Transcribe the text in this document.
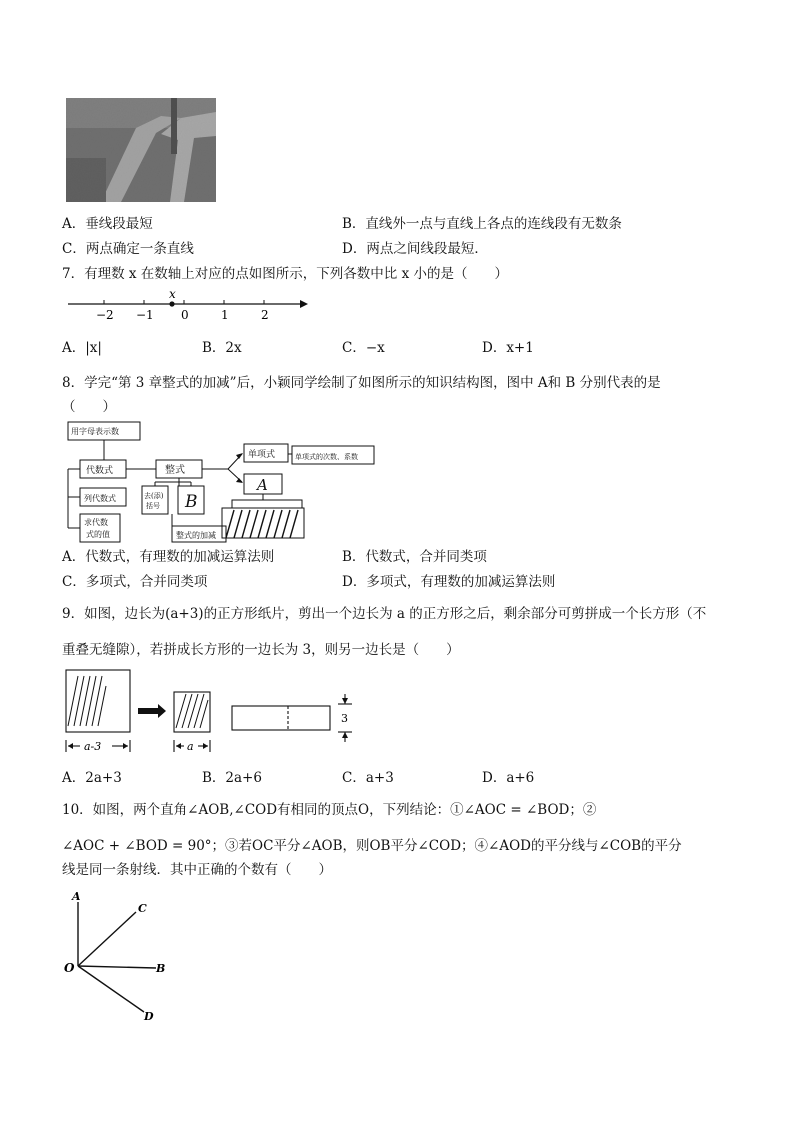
A．垂线段最短	B．直线外一点与直线上各点的连线段有无数条
C．两点确定一条直线	D．两点之间线段最短．
7．有理数 x 在数轴上对应的点如图所示，下列各数中比 x 小的是（　　）
−2 −1 0	1	2
x
A．|x|	B．2x	C．−x	D．x+1
8．学完“第 3 章整式的加减”后，小颖同学绘制了如图所示的知识结构图，图中 A和 B 分别代表的是
（　　）
用字母表示数
代数式	整式
列代数式
求代数
式的值
去(添)
括号 B
整式的加减
单项式	单项式的次数、系数
A
A．代数式，有理数的加减运算法则	B．代数式，合并同类项
C．多项式，合并同类项	D．多项式，有理数的加减运算法则
9．如图，边长为(a+3)的正方形纸片，剪出一个边长为 a 的正方形之后，剩余部分可剪拼成一个长方形（不
重叠无缝隙），若拼成长方形的一边长为 3，则另一边长是（　　）
a-3	a
3
A．2a+3	B．2a+6	C．a+3	D．a+6
10．如图，两个直角∠AOB,∠COD有相同的顶点O，下列结论：①∠AOC = ∠BOD；②
∠AOC + ∠BOD = 90°；③若OC平分∠AOB，则OB平分∠COD；④∠AOD的平分线与∠COB的平分
线是同一条射线．其中正确的个数有（　　）
A
C
B
O
D
